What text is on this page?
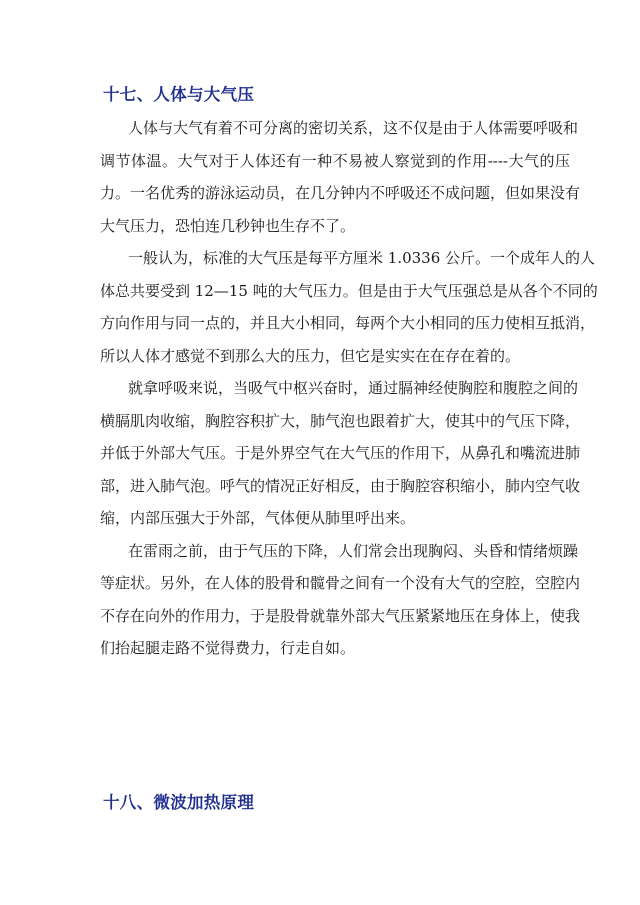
十七、人体与大气压

人体与大气有着不可分离的密切关系，这不仅是由于人体需要呼吸和
调节体温。大气对于人体还有一种不易被人察觉到的作用----大气的压
力。一名优秀的游泳运动员，在几分钟内不呼吸还不成问题，但如果没有
大气压力，恐怕连几秒钟也生存不了。

一般认为，标准的大气压是每平方厘米 1.0336 公斤。一个成年人的人
体总共要受到 12—15 吨的大气压力。但是由于大气压强总是从各个不同的
方向作用与同一点的，并且大小相同，每两个大小相同的压力使相互抵消，
所以人体才感觉不到那么大的压力，但它是实实在在存在着的。

就拿呼吸来说，当吸气中枢兴奋时，通过膈神经使胸腔和腹腔之间的
横膈肌肉收缩，胸腔容积扩大，肺气泡也跟着扩大，使其中的气压下降，
并低于外部大气压。于是外界空气在大气压的作用下，从鼻孔和嘴流进肺
部，进入肺气泡。呼气的情况正好相反，由于胸腔容积缩小，肺内空气收
缩，内部压强大于外部，气体便从肺里呼出来。

在雷雨之前，由于气压的下降，人们常会出现胸闷、头昏和情绪烦躁
等症状。另外，在人体的股骨和髋骨之间有一个没有大气的空腔，空腔内
不存在向外的作用力，于是股骨就靠外部大气压紧紧地压在身体上，使我
们抬起腿走路不觉得费力，行走自如。

十八、微波加热原理
